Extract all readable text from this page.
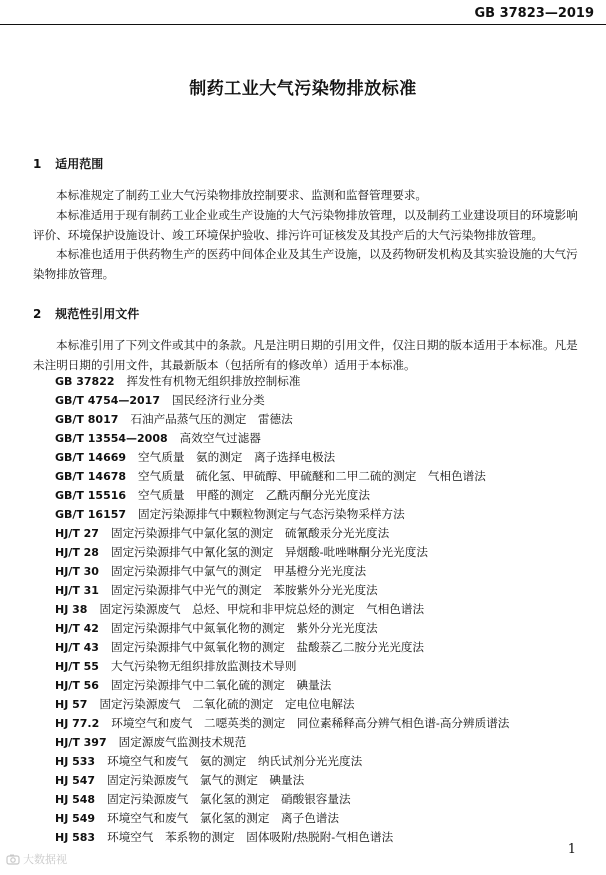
GB 37823—2019
制药工业大气污染物排放标准
1 适用范围

本标准规定了制药工业大气污染物排放控制要求、监测和监督管理要求。

本标准适用于现有制药工业企业或生产设施的大气污染物排放管理，以及制药工业建设项目的环境影响评价、环境保护设施设计、竣工环境保护验收、排污许可证核发及其投产后的大气污染物排放管理。

本标准也适用于供药物生产的医药中间体企业及其生产设施，以及药物研发机构及其实验设施的大气污染物排放管理。

2 规范性引用文件

本标准引用了下列文件或其中的条款。凡是注明日期的引用文件，仅注日期的版本适用于本标准。凡是未注明日期的引用文件，其最新版本（包括所有的修改单）适用于本标准。

GB 37822 挥发性有机物无组织排放控制标准
GB/T 4754—2017 国民经济行业分类
GB/T 8017 石油产品蒸气压的测定　雷德法
GB/T 13554—2008 高效空气过滤器
GB/T 14669 空气质量　氨的测定　离子选择电极法
GB/T 14678 空气质量　硫化氢、甲硫醇、甲硫醚和二甲二硫的测定　气相色谱法
GB/T 15516 空气质量　甲醛的测定　乙酰丙酮分光光度法
GB/T 16157 固定污染源排气中颗粒物测定与气态污染物采样方法
HJ/T 27 固定污染源排气中氯化氢的测定　硫氰酸汞分光光度法
HJ/T 28 固定污染源排气中氰化氢的测定　异烟酸-吡唑啉酮分光光度法
HJ/T 30 固定污染源排气中氯气的测定　甲基橙分光光度法
HJ/T 31 固定污染源排气中光气的测定　苯胺紫外分光光度法
HJ 38 固定污染源废气　总烃、甲烷和非甲烷总烃的测定　气相色谱法
HJ/T 42 固定污染源排气中氮氧化物的测定　紫外分光光度法
HJ/T 43 固定污染源排气中氮氧化物的测定　盐酸萘乙二胺分光光度法
HJ/T 55 大气污染物无组织排放监测技术导则
HJ/T 56 固定污染源排气中二氧化硫的测定　碘量法
HJ 57 固定污染源废气　二氧化硫的测定　定电位电解法
HJ 77.2 环境空气和废气　二噁英类的测定　同位素稀释高分辨气相色谱-高分辨质谱法
HJ/T 397 固定源废气监测技术规范
HJ 533 环境空气和废气　氨的测定　纳氏试剂分光光度法
HJ 547 固定污染源废气　氯气的测定　碘量法
HJ 548 固定污染源废气　氯化氢的测定　硝酸银容量法
HJ 549 环境空气和废气　氯化氢的测定　离子色谱法
HJ 583 环境空气　苯系物的测定　固体吸附/热脱附-气相色谱法
大数据视
1
